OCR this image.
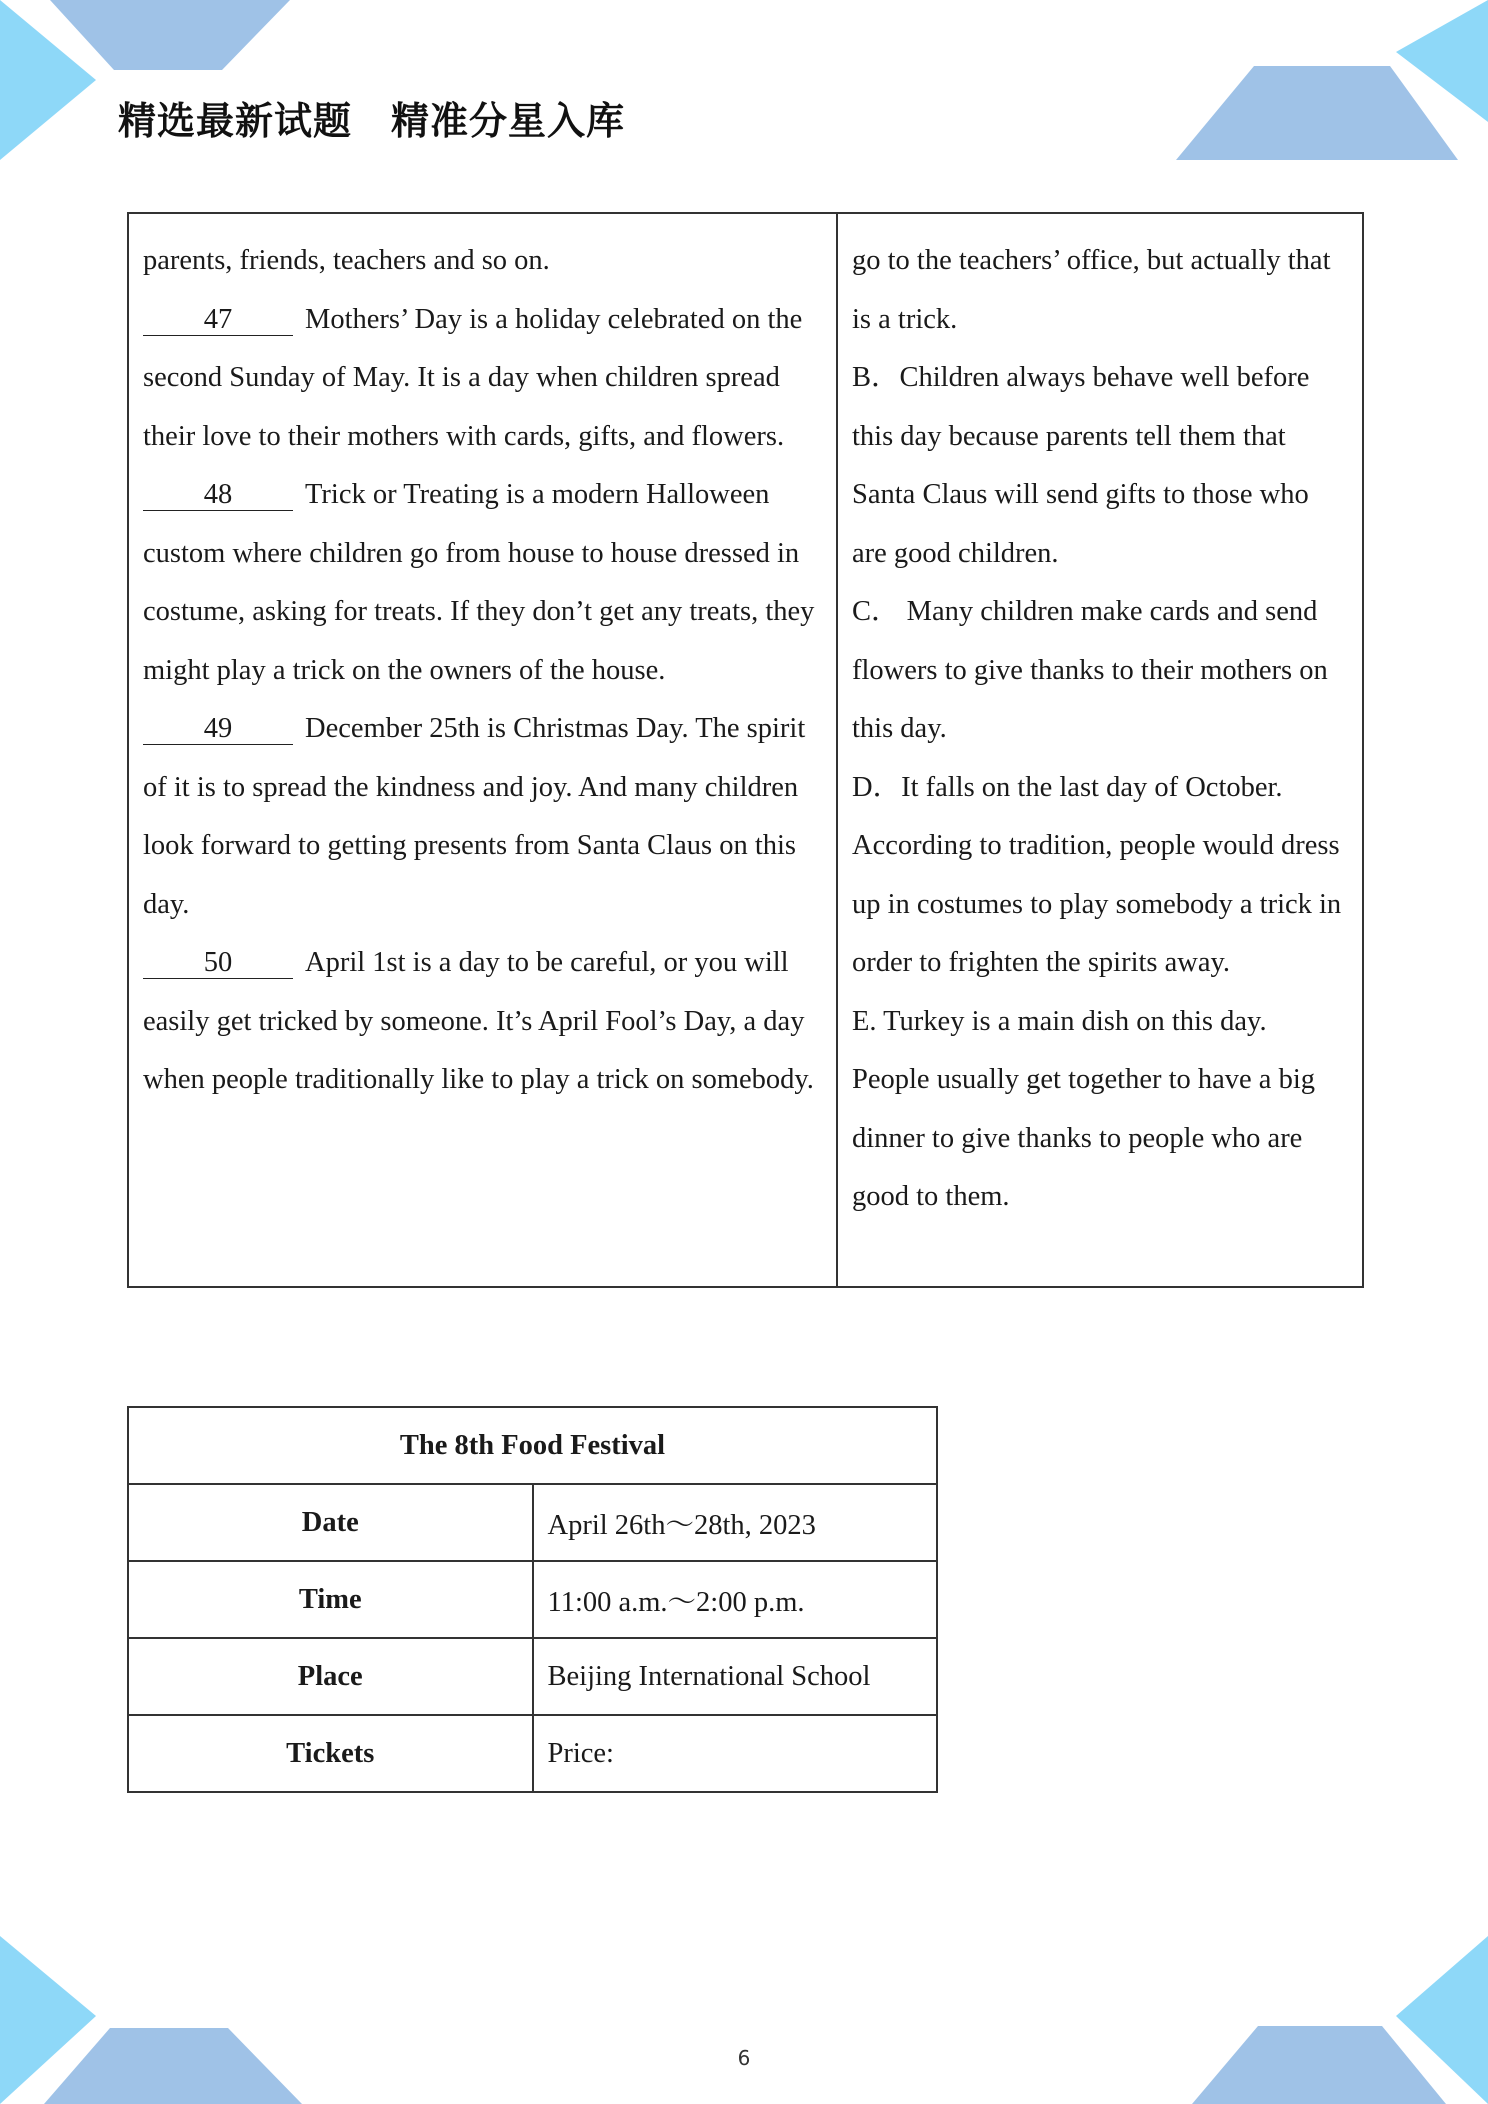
精选最新试题　精准分星入库

parents, friends, teachers and so on.

47	Mothers’ Day is a holiday celebrated on the second Sunday of May. It is a day when children spread their love to their mothers with cards, gifts, and flowers.

48	Trick or Treating is a modern Halloween custom where children go from house to house dressed in costume, asking for treats. If they don’t get any treats, they might play a trick on the owners of the house.

49	December 25th is Christmas Day. The spirit of it is to spread the kindness and joy. And many children look forward to getting presents from Santa Claus on this day.

50	April 1st is a day to be careful, or you will easily get tricked by someone. It’s April Fool’s Day, a day when people traditionally like to play a trick on somebody.

go to the teachers’ office, but actually that is a trick.

B．Children always behave well before this day because parents tell them that Santa Claus will send gifts to those who are good children.

C． Many children make cards and send flowers to give thanks to their mothers on this day.

D．It falls on the last day of October. According to tradition, people would dress up in costumes to play somebody a trick in order to frighten the spirits away.

E. Turkey is a main dish on this day. People usually get together to have a big dinner to give thanks to people who are good to them.

The 8th Food Festival	
Date	April 26th～28th, 2023
Time	11:00 a.m.～2:00 p.m.
Place	Beijing International School
Tickets	Price:
6
